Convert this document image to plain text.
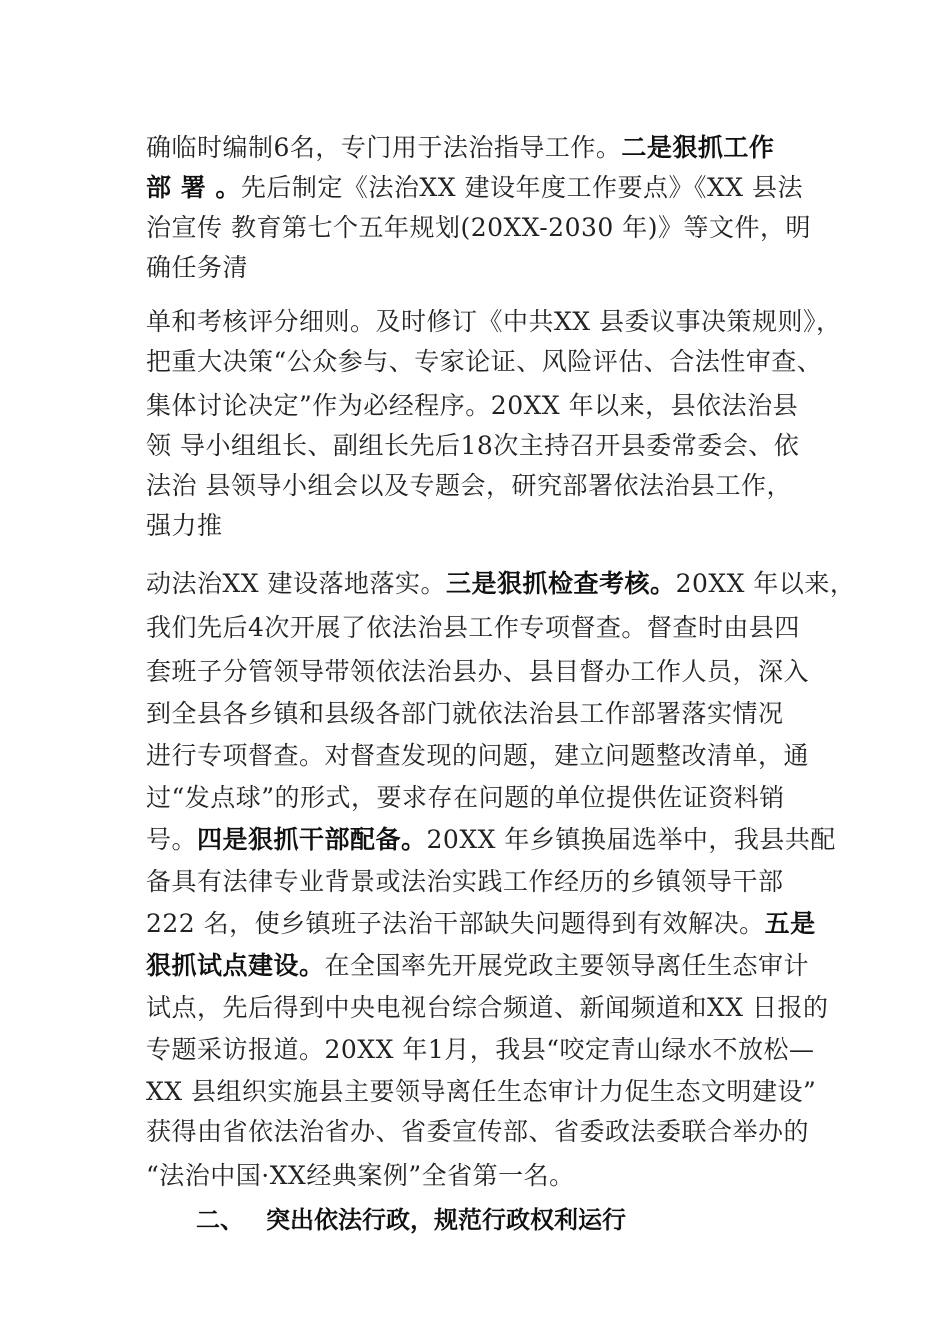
确临时编制6名，专门用于法治指导工作。二是狠抓工作
部 署 。先后制定《法治XX 建设年度工作要点》《XX 县法
治宣传 教育第七个五年规划(20XX-2030 年)》等文件，明
确任务清
单和考核评分细则。及时修订《中共XX 县委议事决策规则》，
把重大决策“公众参与、专家论证、风险评估、合法性审查、
集体讨论决定”作为必经程序。20XX 年以来，县依法治县
领 导小组组长、副组长先后18次主持召开县委常委会、依
法治 县领导小组会以及专题会，研究部署依法治县工作，
强力推
动法治XX 建设落地落实。三是狠抓检查考核。20XX 年以来，
我们先后4次开展了依法治县工作专项督查。督查时由县四
套班子分管领导带领依法治县办、县目督办工作人员，深入
到全县各乡镇和县级各部门就依法治县工作部署落实情况
进行专项督查。对督查发现的问题，建立问题整改清单，通
过“发点球”的形式，要求存在问题的单位提供佐证资料销
号。四是狠抓干部配备。20XX 年乡镇换届选举中，我县共配
备具有法律专业背景或法治实践工作经历的乡镇领导干部
222 名，使乡镇班子法治干部缺失问题得到有效解决。五是
狠抓试点建设。在全国率先开展党政主要领导离任生态审计
试点，先后得到中央电视台综合频道、新闻频道和XX 日报的
专题采访报道。20XX 年1月，我县“咬定青山绿水不放松—
XX 县组织实施县主要领导离任生态审计力促生态文明建设”
获得由省依法治省办、省委宣传部、省委政法委联合举办的
“法治中国·XX经典案例”全省第一名。
二、 突出依法行政，规范行政权利运行
